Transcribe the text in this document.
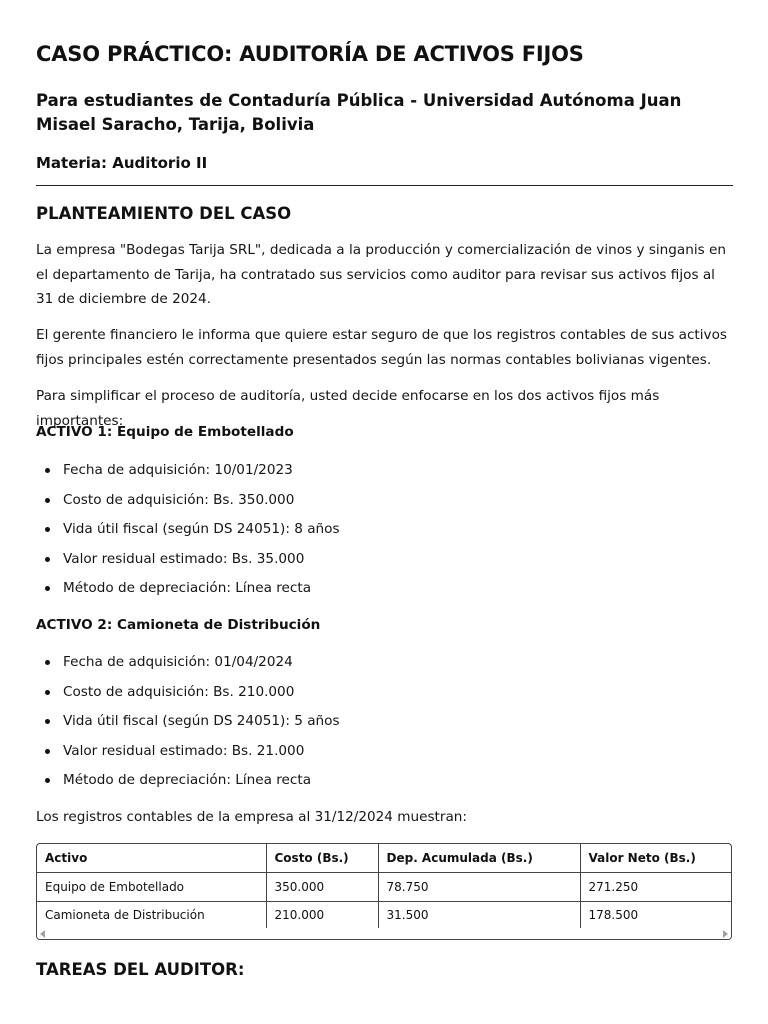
CASO PRÁCTICO: AUDITORÍA DE ACTIVOS FIJOS
Para estudiantes de Contaduría Pública - Universidad Autónoma Juan Misael Saracho, Tarija, Bolivia
Materia: Auditorio II
PLANTEAMIENTO DEL CASO

La empresa "Bodegas Tarija SRL", dedicada a la producción y comercialización de vinos y singanis en el departamento de Tarija, ha contratado sus servicios como auditor para revisar sus activos fijos al 31 de diciembre de 2024.

El gerente financiero le informa que quiere estar seguro de que los registros contables de sus activos fijos principales estén correctamente presentados según las normas contables bolivianas vigentes.

Para simplificar el proceso de auditoría, usted decide enfocarse en los dos activos fijos más importantes:

ACTIVO 1: Equipo de Embotellado
Fecha de adquisición: 10/01/2023
Costo de adquisición: Bs. 350.000
Vida útil fiscal (según DS 24051): 8 años
Valor residual estimado: Bs. 35.000
Método de depreciación: Línea recta
ACTIVO 2: Camioneta de Distribución
Fecha de adquisición: 01/04/2024
Costo de adquisición: Bs. 210.000
Vida útil fiscal (según DS 24051): 5 años
Valor residual estimado: Bs. 21.000
Método de depreciación: Línea recta

Los registros contables de la empresa al 31/12/2024 muestran:

Activo	Costo (Bs.)	Dep. Acumulada (Bs.)	Valor Neto (Bs.)
Equipo de Embotellado	350.000	78.750	271.250
Camioneta de Distribución	210.000	31.500	178.500
TAREAS DEL AUDITOR:
